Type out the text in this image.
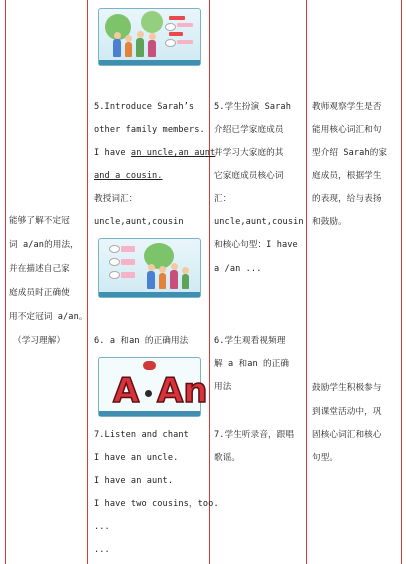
能够了解不定冠
词 a/an的用法，
并在描述自己家
庭成员时正确使
用不定冠词 a/an。
（学习理解）
5.Introduce Sarah’s
other family members.
I have an uncle,an aunt
and a cousin.
教授词汇：
uncle,aunt,cousin
6. a 和an 的正确用法
A An
7.Listen and chant
I have an uncle.
I have an aunt.
I have two cousins，too.
...
...
5.学生扮演 Sarah
介绍已学家庭成员
并学习大家庭的其
它家庭成员核心词
汇：
uncle,aunt,cousin
和核心句型：I have
a /an ...
6.学生观看视频理
解 a 和an 的正确
用法
7.学生听录音，跟唱
歌谣。
教师观察学生是否
能用核心词汇和句
型介绍 Sarah的家
庭成员，根据学生
的表现，给与表扬
和鼓励。
鼓励学生积极参与
到课堂活动中，巩
固核心词汇和核心
句型。
